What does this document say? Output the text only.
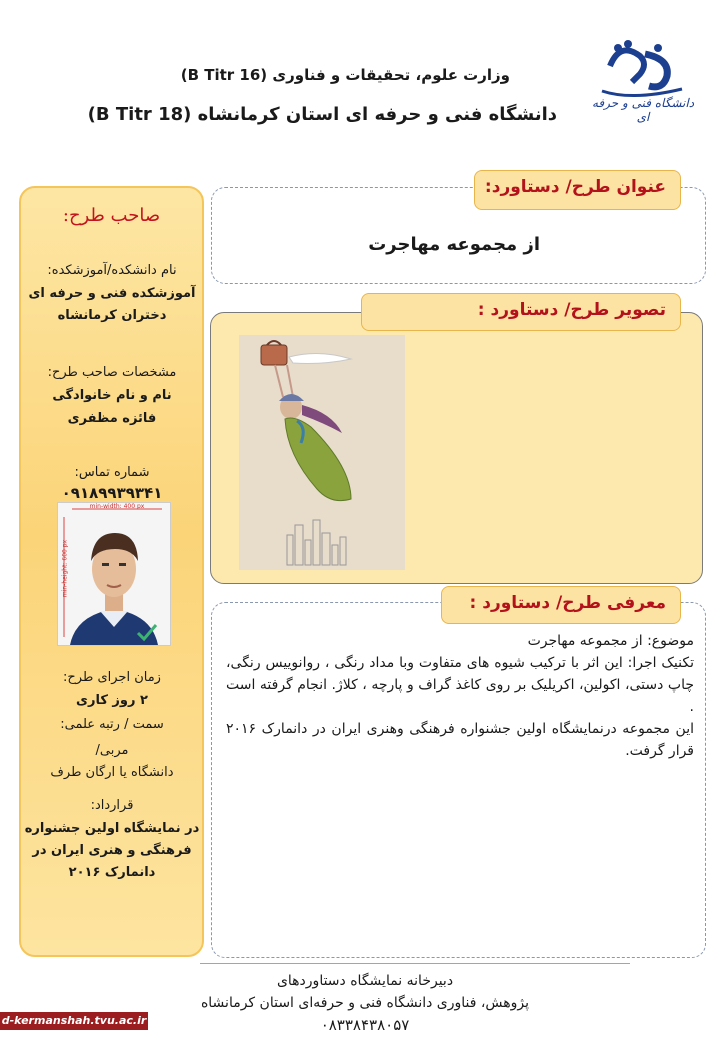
دانشگاه فنی و حرفه ای
وزارت علوم، تحقیقات و فناوری (B Titr 16)
دانشگاه فنی و حرفه ای استان کرمانشاه (B Titr 18)
صاحب طرح:
نام دانشکده/آموزشکده:
آموزشکده فنی و حرفه ای دختران کرمانشاه
مشخصات صاحب طرح:
نام و نام خانوادگی
فائزه مظفری
شماره تماس:
۰۹۱۸۹۹۳۹۳۴۱
min-width: 400 px
min-height: 600 px
زمان اجرای طرح:
۲ روز کاری
سمت / رتبه علمی:
مربی/
دانشگاه یا ارگان طرف
قرارداد:
در نمایشگاه اولین جشنواره فرهنگی و هنری ایران در دانمارک ۲۰۱۶
عنوان طرح/ دستاورد:
از مجموعه مهاجرت
تصویر طرح/ دستاورد :
معرفی طرح/ دستاورد :
موضوع: از مجموعه مهاجرت
تکنیک اجرا: این اثر با ترکیب شیوه های متفاوت وبا مداد رنگی ، روانوییس رنگی، چاپ دستی، اکولین، اکریلیک بر روی کاغذ گراف و پارچه ، کلاژ. انجام گرفته است .
این مجموعه درنمایشگاه اولین جشنواره فرهنگی وهنری ایران در دانمارک ۲۰۱۶ قرار گرفت.
دبیرخانه نمایشگاه دستاوردهای
پژوهش، فناوری دانشگاه فنی و حرفه‌ای استان کرمانشاه
۰۸۳۳۸۴۳۸۰۵۷
d-kermanshah.tvu.ac.ir
